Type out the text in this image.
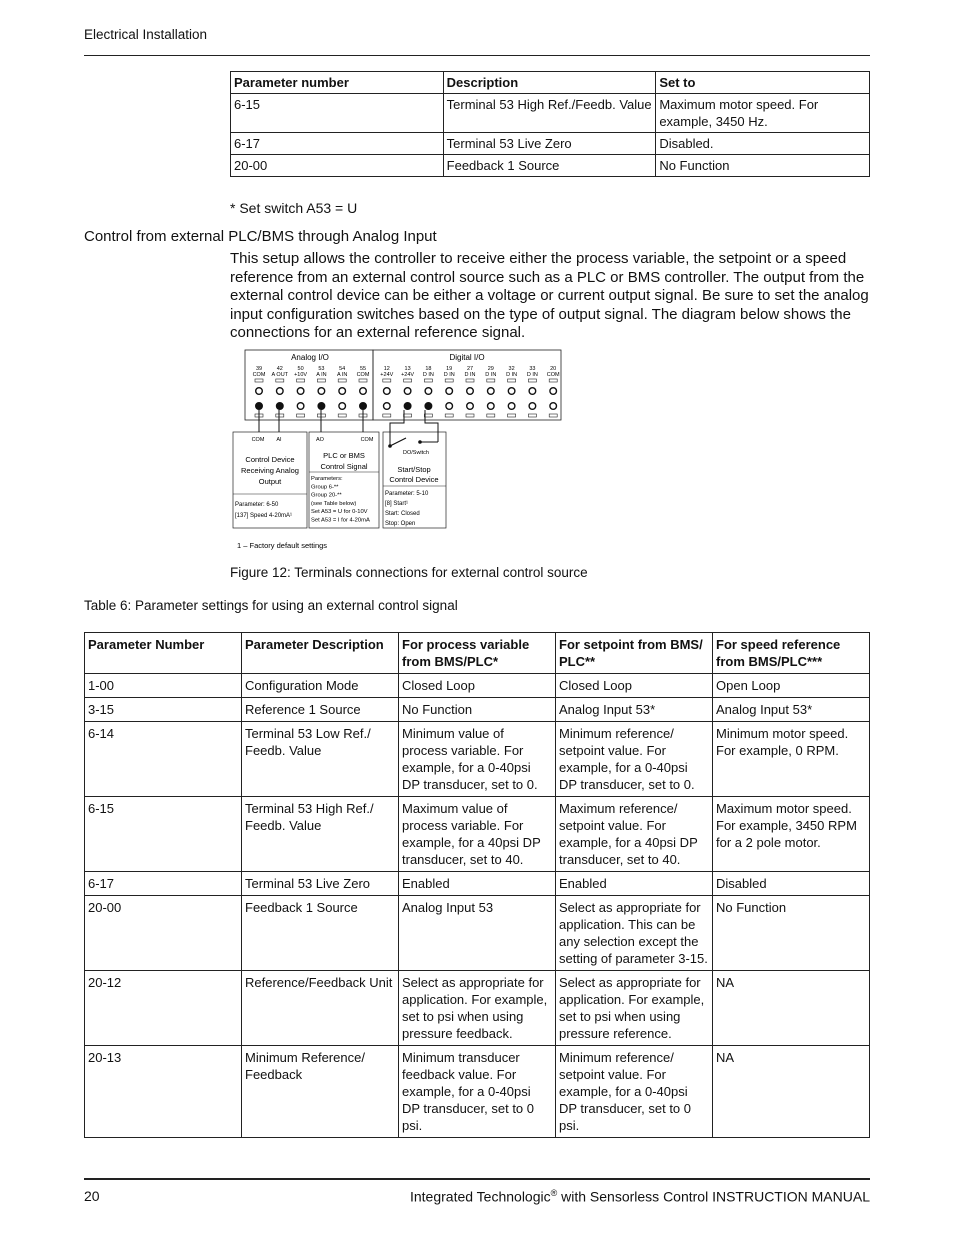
Electrical Installation
Parameter number	Description	Set to
6-15	Terminal 53 High Ref./Feedb. Value	Maximum motor speed. For example, 3450 Hz.
6-17	Terminal 53 Live Zero	Disabled.
20-00	Feedback 1 Source	No Function
* Set switch A53 = U
Control from external PLC/BMS through Analog Input
This setup allows the controller to receive either the process variable, the setpoint or a speed reference from an external control source such as a PLC or BMS controller. The output from the external control device can be either a voltage or current output signal. Be sure to set the analog input configuration switches based on the type of output signal. The diagram below shows the connections for an external reference signal.
Analog I/O	Digital I/O
39
COM
42
A OUT
50
+10V
53
A IN
54
A IN
55
COM
12
+24V
13
+24V
18
D IN
19
D IN
27
D IN
29
D IN
32
D IN
33
D IN
20
COM
COM AI
Control Device
Receiving Analog
Output
Parameter: 6-50
[137] Speed 4-20mA¹
AO	COM
PLC or BMS
Control Signal
Parameters:
Group 6-**
Group 20-**
(see Table below)
Set A53 = U for 0-10V
Set A53 = I for 4-20mA
DO/Switch
Start/Stop
Control Device
Parameter: 5-10
[8] Start¹
Start: Closed
Stop: Open
1 – Factory default settings
Figure 12: Terminals connections for external control source
Table 6: Parameter settings for using an external control signal
Parameter Number	Parameter Description	For process variable from BMS/PLC*	For setpoint from BMS/ PLC**	For speed reference from BMS/PLC***
1-00	Configuration Mode	Closed Loop	Closed Loop	Open Loop
3-15	Reference 1 Source	No Function	Analog Input 53*	Analog Input 53*
6-14	Terminal 53 Low Ref./ Feedb. Value	Minimum value of process variable. For example, for a 0-40psi DP transducer, set to 0.	Minimum reference/ setpoint value. For example, for a 0-40psi DP transducer, set to 0.	Minimum motor speed. For example, 0 RPM.
6-15	Terminal 53 High Ref./ Feedb. Value	Maximum value of process variable. For example, for a 40psi DP transducer, set to 40.	Maximum reference/ setpoint value. For example, for a 40psi DP transducer, set to 40.	Maximum motor speed. For example, 3450 RPM for a 2 pole motor.
6-17	Terminal 53 Live Zero	Enabled	Enabled	Disabled
20-00	Feedback 1 Source	Analog Input 53	Select as appropriate for application. This can be any selection except the setting of parameter 3-15.	No Function
20-12	Reference/Feedback Unit	Select as appropriate for application. For example, set to psi when using pressure feedback.	Select as appropriate for application. For example, set to psi when using pressure reference.	NA
20-13	Minimum Reference/ Feedback	Minimum transducer feedback value. For example, for a 0-40psi DP transducer, set to 0 psi.	Minimum reference/ setpoint value. For example, for a 0-40psi DP transducer, set to 0 psi.	NA
20	Integrated Technologic® with Sensorless Control INSTRUCTION MANUAL
